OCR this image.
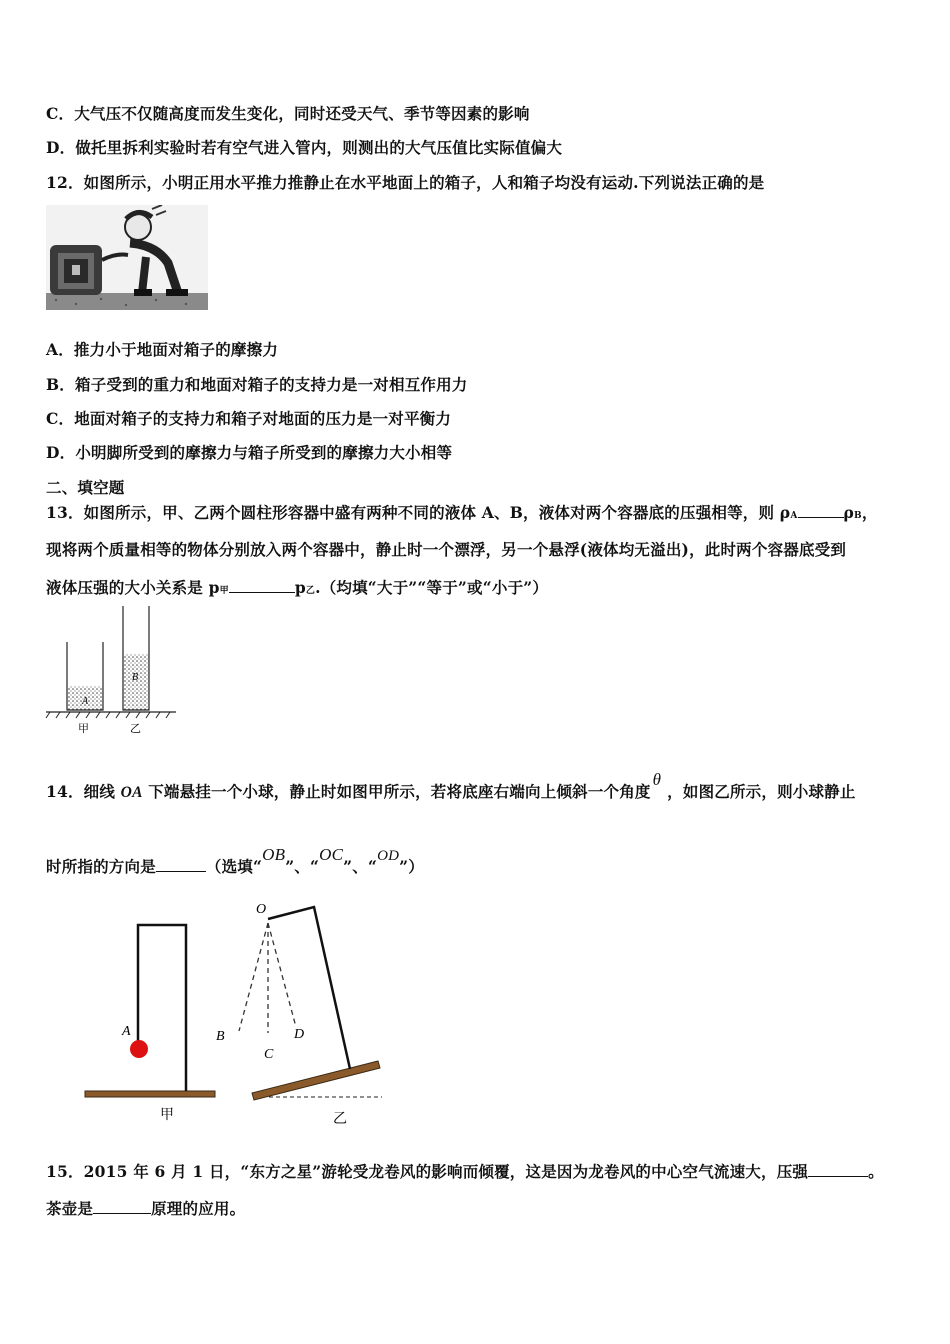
C．大气压不仅随高度而发生变化，同时还受天气、季节等因素的影响
D．做托里拆利实验时若有空气进入管内，则测出的大气压值比实际值偏大
12．如图所示，小明正用水平推力推静止在水平地面上的箱子，人和箱子均没有运动.下列说法正确的是
A．推力小于地面对箱子的摩擦力
B．箱子受到的重力和地面对箱子的支持力是一对相互作用力
C．地面对箱子的支持力和箱子对地面的压力是一对平衡力
D．小明脚所受到的摩擦力与箱子所受到的摩擦力大小相等
二、填空题
13．如图所示，甲、乙两个圆柱形容器中盛有两种不同的液体 A、B，液体对两个容器底的压强相等，则 ρA	ρB，
现将两个质量相等的物体分别放入两个容器中，静止时一个漂浮，另一个悬浮(液体均无溢出)，此时两个容器底受到
液体压强的大小关系是 p甲	p乙.（均填“大于”“等于”或“小于”）
A
B
甲	乙
14．细线 OA 下端悬挂一个小球，静止时如图甲所示，若将底座右端向上倾斜一个角度θ，如图乙所示，则小球静止
时所指的方向是	（选填“OB”、“OC”、“OD”）
A
甲
O
B
C
D
乙
15．2015 年 6 月 1 日，“东方之星”游轮受龙卷风的影响而倾覆，这是因为龙卷风的中心空气流速大，压强	。
茶壶是	原理的应用。
